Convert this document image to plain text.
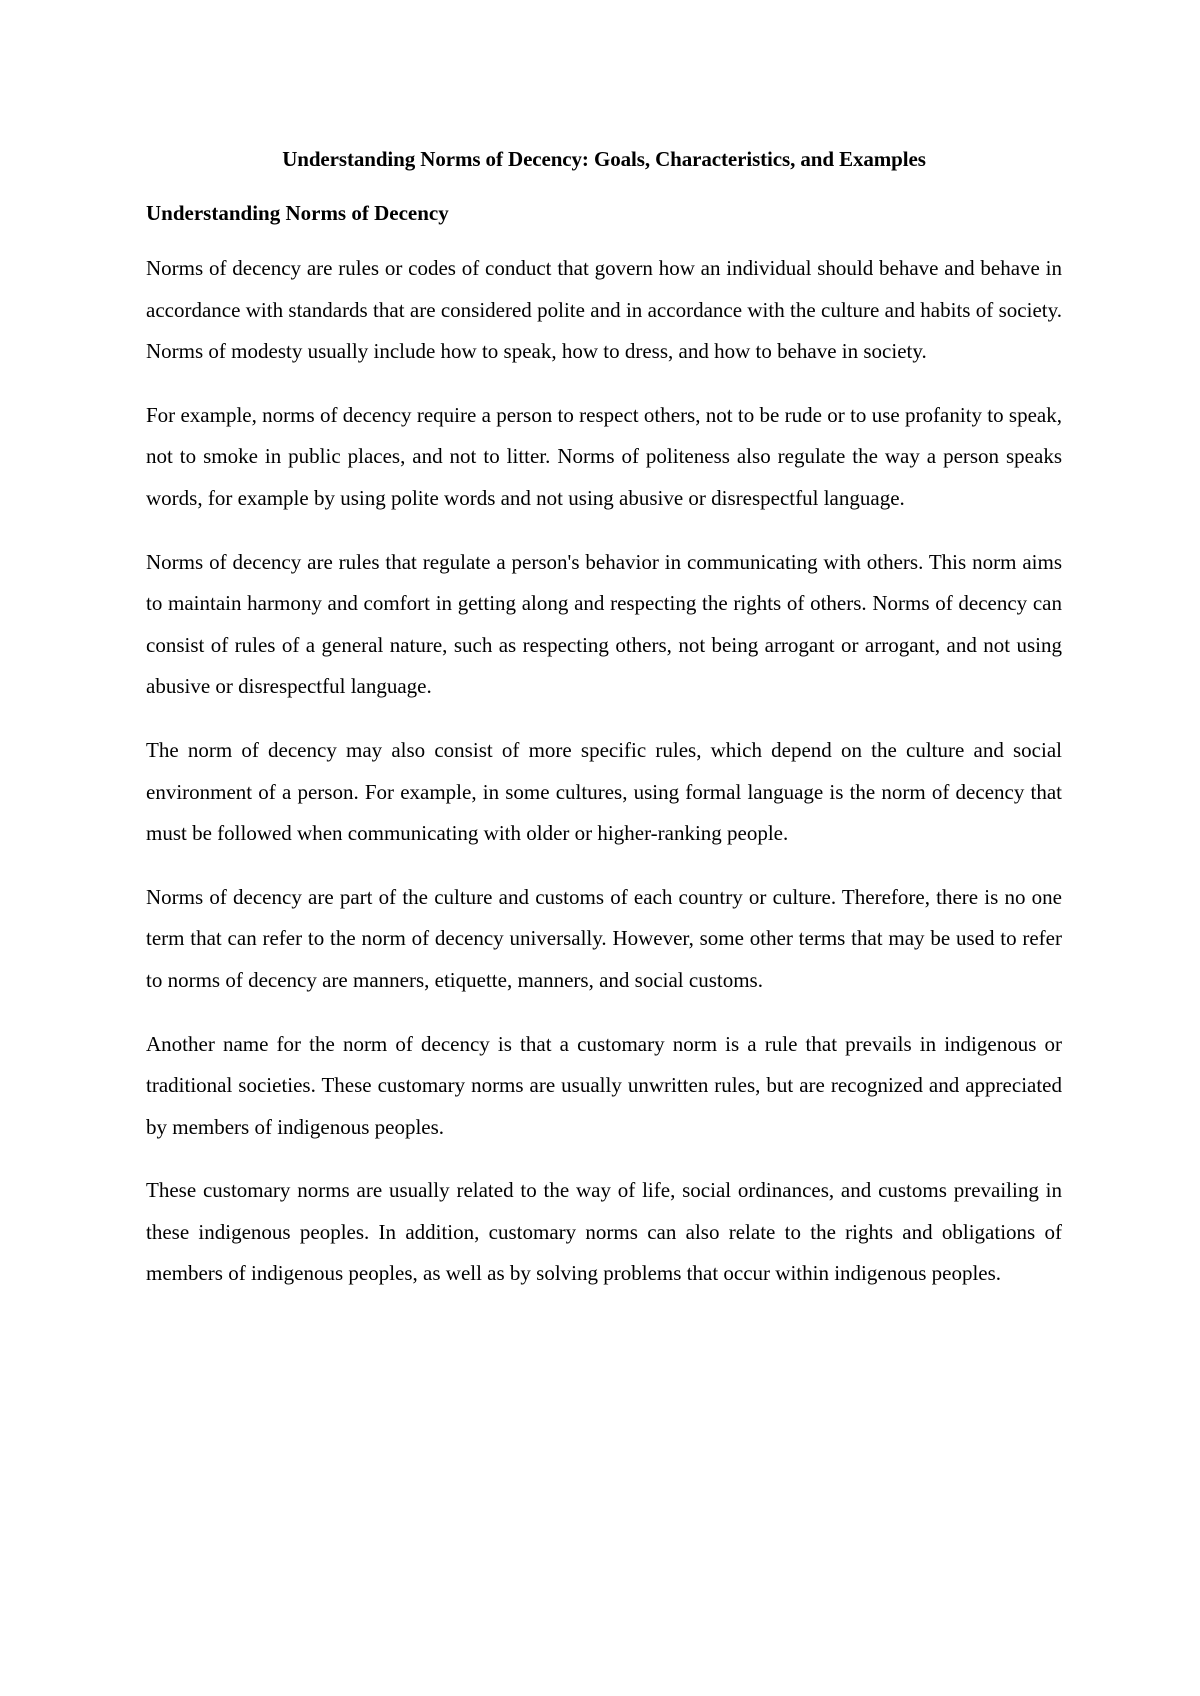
Understanding Norms of Decency: Goals, Characteristics, and Examples
Understanding Norms of Decency

Norms of decency are rules or codes of conduct that govern how an individual should behave and behave in accordance with standards that are considered polite and in accordance with the culture and habits of society. Norms of modesty usually include how to speak, how to dress, and how to behave in society.

For example, norms of decency require a person to respect others, not to be rude or to use profanity to speak, not to smoke in public places, and not to litter. Norms of politeness also regulate the way a person speaks words, for example by using polite words and not using abusive or disrespectful language.

Norms of decency are rules that regulate a person's behavior in communicating with others. This norm aims to maintain harmony and comfort in getting along and respecting the rights of others. Norms of decency can consist of rules of a general nature, such as respecting others, not being arrogant or arrogant, and not using abusive or disrespectful language.

The norm of decency may also consist of more specific rules, which depend on the culture and social environment of a person. For example, in some cultures, using formal language is the norm of decency that must be followed when communicating with older or higher-ranking people.

Norms of decency are part of the culture and customs of each country or culture. Therefore, there is no one term that can refer to the norm of decency universally. However, some other terms that may be used to refer to norms of decency are manners, etiquette, manners, and social customs.

Another name for the norm of decency is that a customary norm is a rule that prevails in indigenous or traditional societies. These customary norms are usually unwritten rules, but are recognized and appreciated by members of indigenous peoples.

These customary norms are usually related to the way of life, social ordinances, and customs prevailing in these indigenous peoples. In addition, customary norms can also relate to the rights and obligations of members of indigenous peoples, as well as by solving problems that occur within indigenous peoples.
